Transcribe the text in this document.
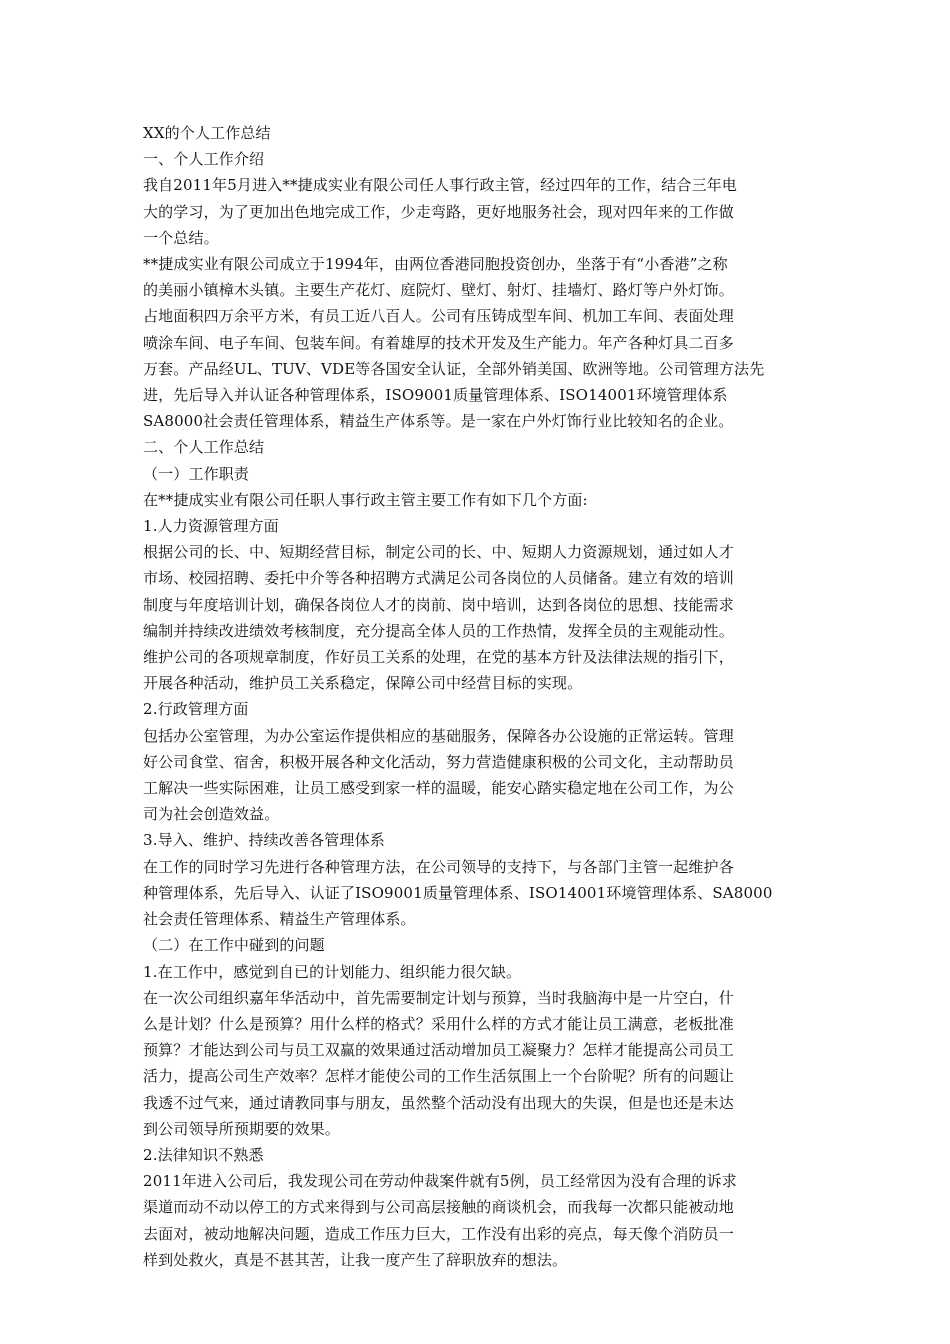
XX的个人工作总结

一、个人工作介绍

我自2011年5月进入**捷成实业有限公司任人事行政主管，经过四年的工作，结合三年电

大的学习，为了更加出色地完成工作，少走弯路，更好地服务社会，现对四年来的工作做

一个总结。

**捷成实业有限公司成立于1994年，由两位香港同胞投资创办，坐落于有“小香港”之称

的美丽小镇樟木头镇。主要生产花灯、庭院灯、壁灯、射灯、挂墙灯、路灯等户外灯饰。

占地面积四万余平方米，有员工近八百人。公司有压铸成型车间、机加工车间、表面处理

喷涂车间、电子车间、包装车间。有着雄厚的技术开发及生产能力。年产各种灯具二百多

万套。产品经UL、TUV、VDE等各国安全认证，全部外销美国、欧洲等地。公司管理方法先

进，先后导入并认证各种管理体系，ISO9001质量管理体系、ISO14001环境管理体系

SA8000社会责任管理体系，精益生产体系等。是一家在户外灯饰行业比较知名的企业。

二、个人工作总结

（一）工作职责

在**捷成实业有限公司任职人事行政主管主要工作有如下几个方面:

1.人力资源管理方面

根据公司的长、中、短期经营目标，制定公司的长、中、短期人力资源规划，通过如人才

市场、校园招聘、委托中介等各种招聘方式满足公司各岗位的人员储备。建立有效的培训

制度与年度培训计划，确保各岗位人才的岗前、岗中培训，达到各岗位的思想、技能需求

编制并持续改进绩效考核制度，充分提高全体人员的工作热情，发挥全员的主观能动性。

维护公司的各项规章制度，作好员工关系的处理，在党的基本方针及法律法规的指引下，

开展各种活动，维护员工关系稳定，保障公司中经营目标的实现。

2.行政管理方面

包括办公室管理，为办公室运作提供相应的基础服务，保障各办公设施的正常运转。管理

好公司食堂、宿舍，积极开展各种文化活动，努力营造健康积极的公司文化，主动帮助员

工解决一些实际困难，让员工感受到家一样的温暖，能安心踏实稳定地在公司工作，为公

司为社会创造效益。

3.导入、维护、持续改善各管理体系

在工作的同时学习先进行各种管理方法，在公司领导的支持下，与各部门主管一起维护各

种管理体系，先后导入、认证了ISO9001质量管理体系、ISO14001环境管理体系、SA8000

社会责任管理体系、精益生产管理体系。

（二）在工作中碰到的问题

1.在工作中，感觉到自已的计划能力、组织能力很欠缺。

在一次公司组织嘉年华活动中，首先需要制定计划与预算，当时我脑海中是一片空白，什

么是计划？什么是预算？用什么样的格式？采用什么样的方式才能让员工满意，老板批准

预算？才能达到公司与员工双赢的效果通过活动增加员工凝聚力？怎样才能提高公司员工

活力，提高公司生产效率？怎样才能使公司的工作生活氛围上一个台阶呢？所有的问题让

我透不过气来，通过请教同事与朋友，虽然整个活动没有出现大的失误，但是也还是未达

到公司领导所预期要的效果。

2.法律知识不熟悉

2011年进入公司后，我发现公司在劳动仲裁案件就有5例，员工经常因为没有合理的诉求

渠道而动不动以停工的方式来得到与公司高层接触的商谈机会，而我每一次都只能被动地

去面对，被动地解决问题，造成工作压力巨大，工作没有出彩的亮点，每天像个消防员一

样到处救火，真是不甚其苦，让我一度产生了辞职放弃的想法。
